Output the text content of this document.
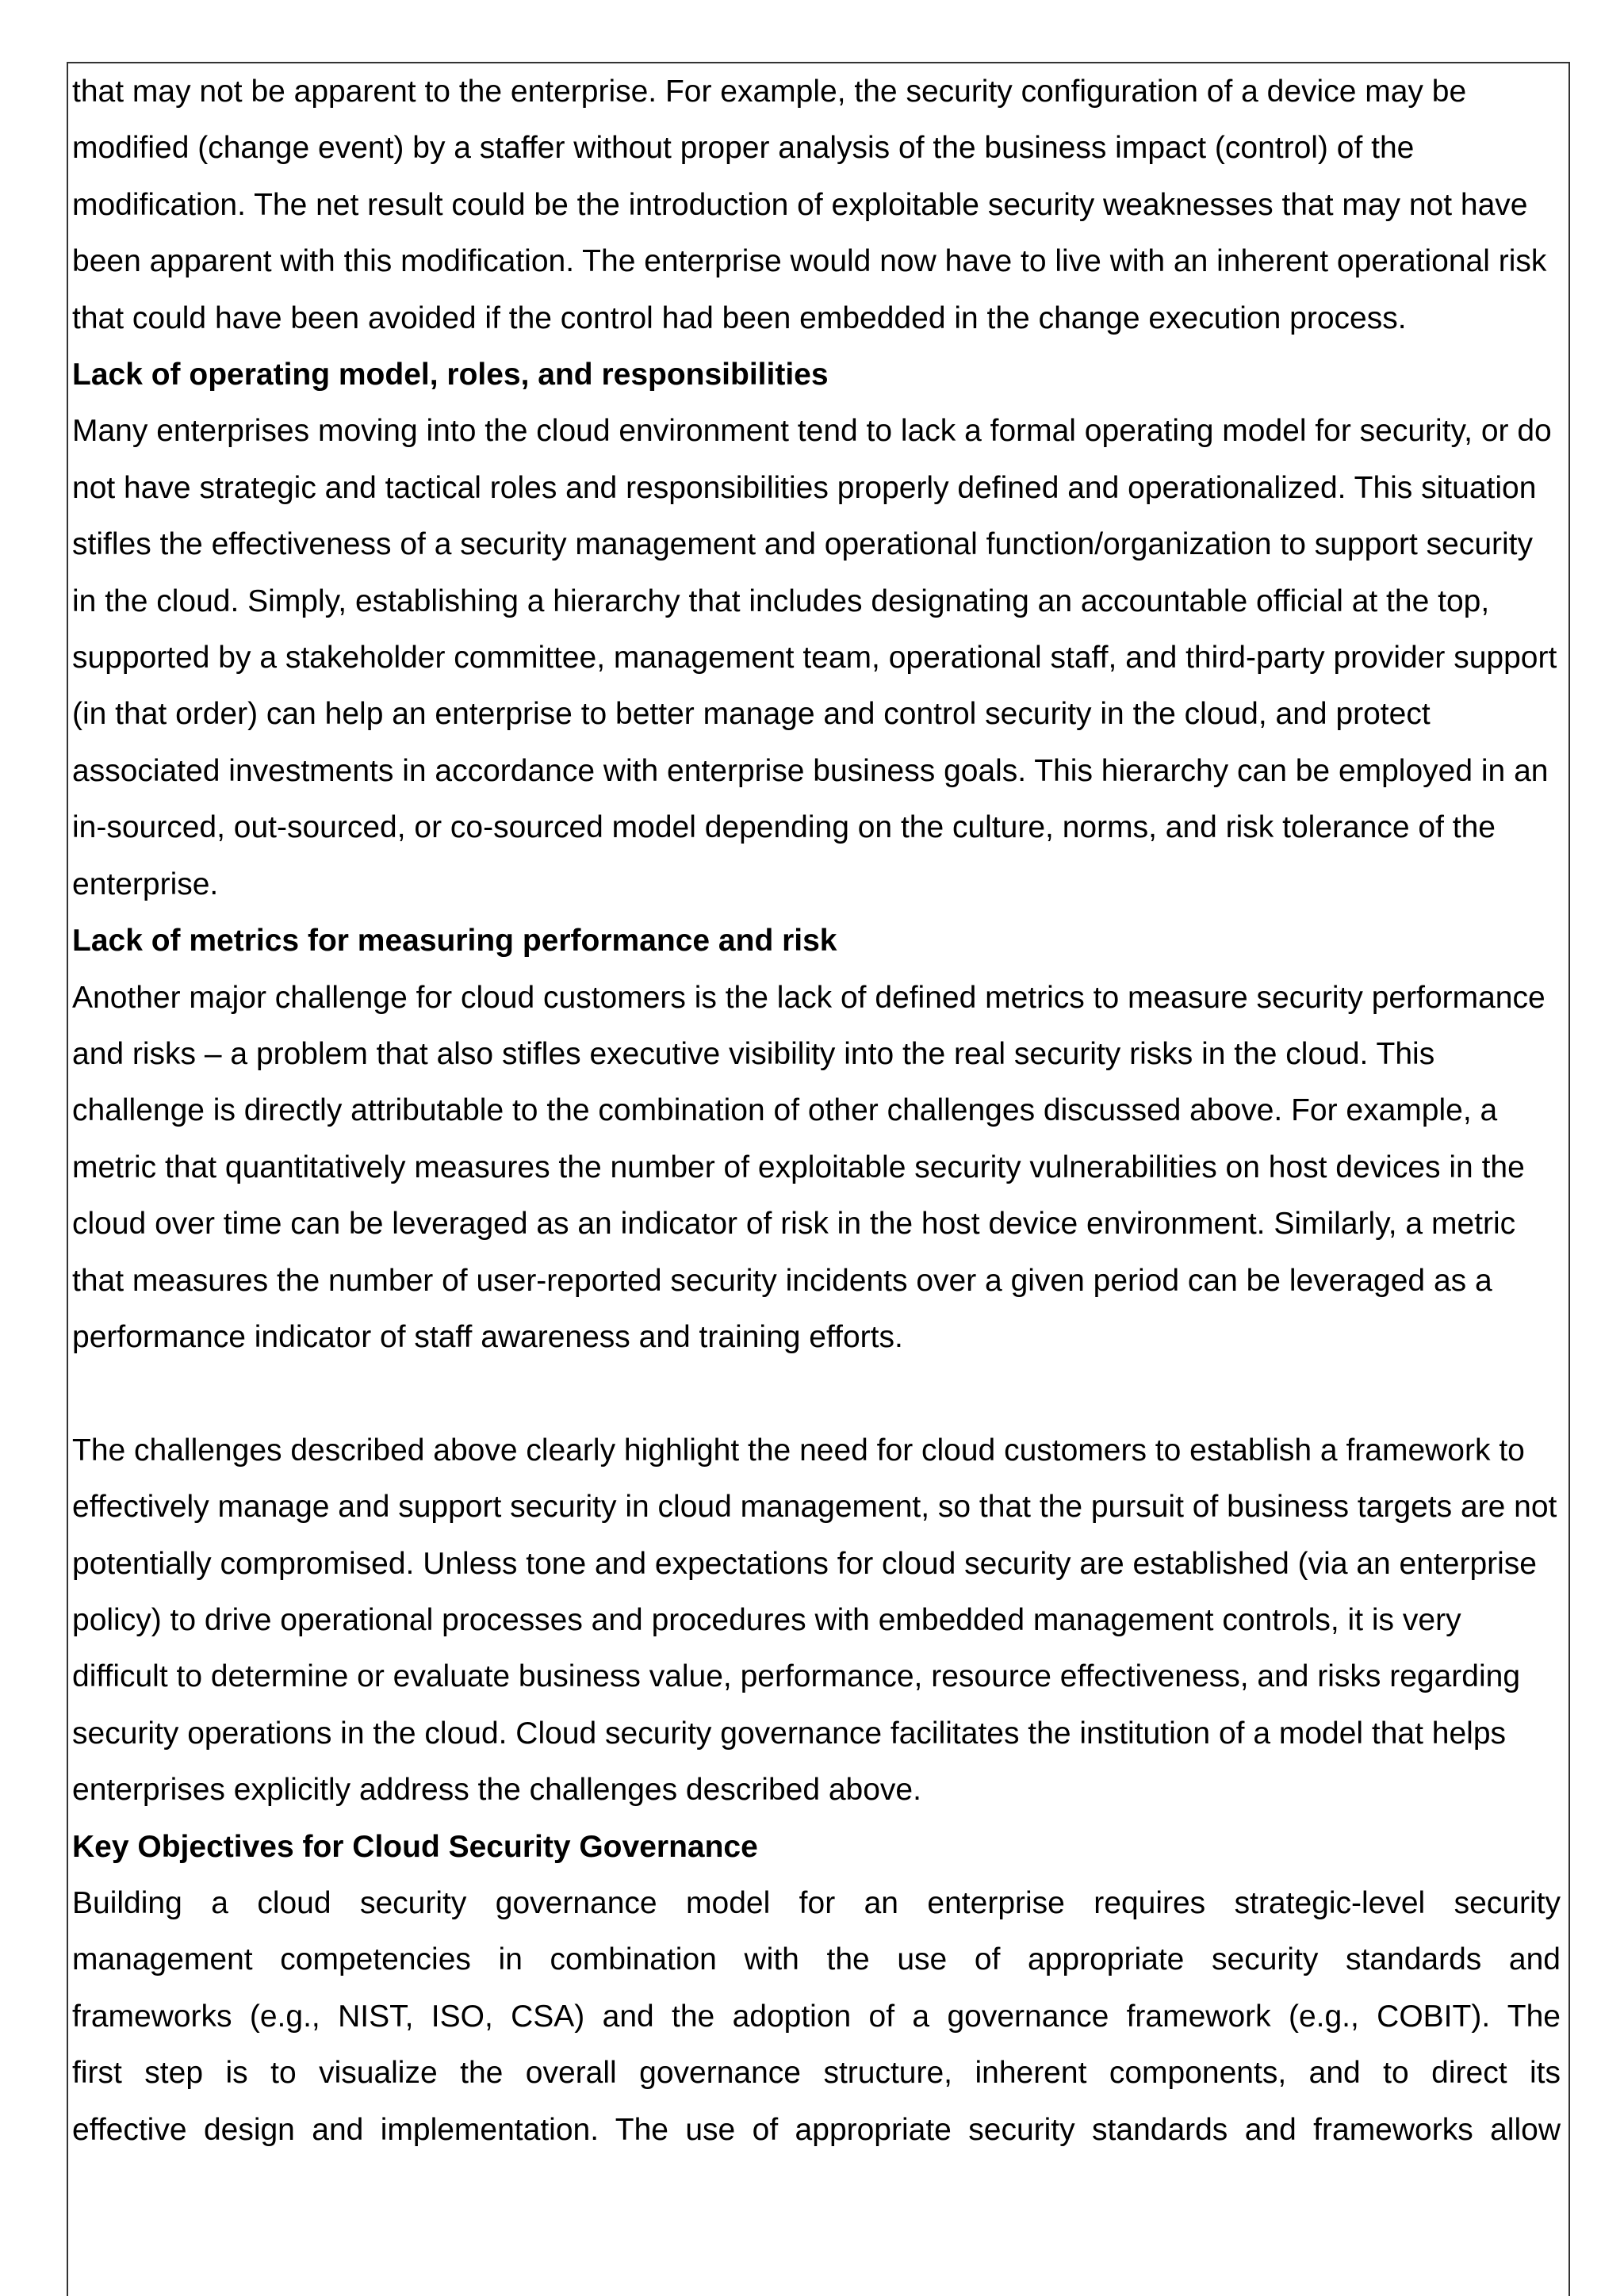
that may not be apparent to the enterprise. For example, the security configuration of a device may be modified (change event) by a staffer without proper analysis of the business impact (control) of the modification. The net result could be the introduction of exploitable security weaknesses that may not have been apparent with this modification. The enterprise would now have to live with an inherent operational risk that could have been avoided if the control had been embedded in the change execution process.

Lack of operating model, roles, and responsibilities

Many enterprises moving into the cloud environment tend to lack a formal operating model for security, or do not have strategic and tactical roles and responsibilities properly defined and operationalized. This situation stifles the effectiveness of a security management and operational function/organization to support security in the cloud. Simply, establishing a hierarchy that includes designating an accountable official at the top, supported by a stakeholder committee, management team, operational staff, and third-party provider support (in that order) can help an enterprise to better manage and control security in the cloud, and protect associated investments in accordance with enterprise business goals. This hierarchy can be employed in an in-sourced, out-sourced, or co-sourced model depending on the culture, norms, and risk tolerance of the enterprise.

Lack of metrics for measuring performance and risk

Another major challenge for cloud customers is the lack of defined metrics to measure security performance and risks – a problem that also stifles executive visibility into the real security risks in the cloud. This challenge is directly attributable to the combination of other challenges discussed above. For example, a metric that quantitatively measures the number of exploitable security vulnerabilities on host devices in the cloud over time can be leveraged as an indicator of risk in the host device environment. Similarly, a metric that measures the number of user-reported security incidents over a given period can be leveraged as a performance indicator of staff awareness and training efforts.

The challenges described above clearly highlight the need for cloud customers to establish a framework to effectively manage and support security in cloud management, so that the pursuit of business targets are not potentially compromised. Unless tone and expectations for cloud security are established (via an enterprise policy) to drive operational processes and procedures with embedded management controls, it is very difficult to determine or evaluate business value, performance, resource effectiveness, and risks regarding security operations in the cloud. Cloud security governance facilitates the institution of a model that helps enterprises explicitly address the challenges described above.

Key Objectives for Cloud Security Governance

Building a cloud security governance model for an enterprise requires strategic-level security
management competencies in combination with the use of appropriate security standards and
frameworks (e.g., NIST, ISO, CSA) and the adoption of a governance framework (e.g., COBIT). The
first step is to visualize the overall governance structure, inherent components, and to direct its
effective design and implementation. The use of appropriate security standards and frameworks allow
